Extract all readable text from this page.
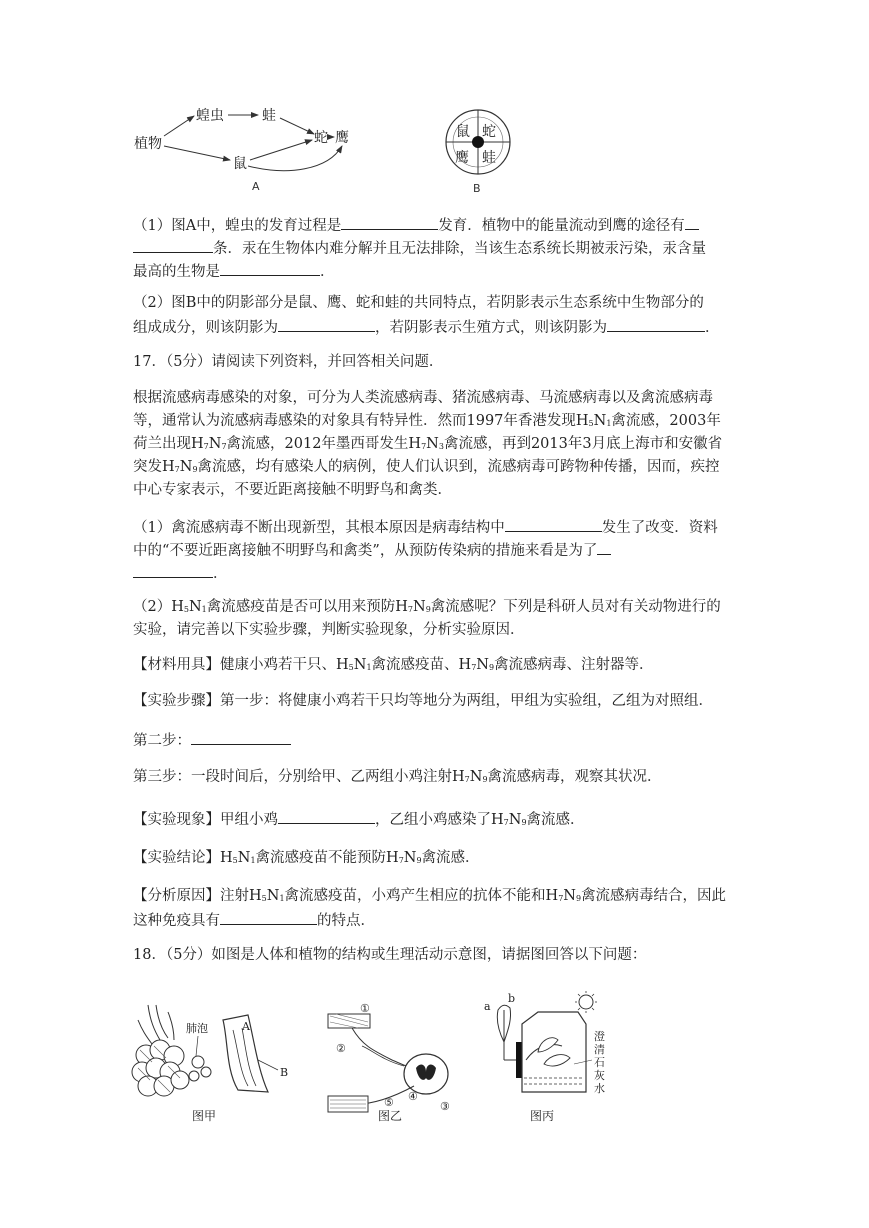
植物
蝗虫	蛙
鼠
蛇 鹰
A
鼠 蛇
鹰 蛙
B
（1）图A中，蝗虫的发育过程是	发育．植物中的能量流动到鹰的途径有
条．汞在生物体内难分解并且无法排除，当该生态系统长期被汞污染，汞含量
最高的生物是	．
（2）图B中的阴影部分是鼠、鹰、蛇和蛙的共同特点，若阴影表示生态系统中生物部分的
组成成分，则该阴影为	，若阴影表示生殖方式，则该阴影为	．
17．（5分）请阅读下列资料，并回答相关问题．
根据流感病毒感染的对象，可分为人类流感病毒、猪流感病毒、马流感病毒以及禽流感病毒
等，通常认为流感病毒感染的对象具有特异性．然而1997年香港发现H5N1禽流感，2003年
荷兰出现H7N7禽流感，2012年墨西哥发生H7N3禽流感，再到2013年3月底上海市和安徽省
突发H7N9禽流感，均有感染人的病例，使人们认识到，流感病毒可跨物种传播，因而，疾控
中心专家表示，不要近距离接触不明野鸟和禽类．
（1）禽流感病毒不断出现新型，其根本原因是病毒结构中	发生了改变．资料
中的“不要近距离接触不明野鸟和禽类”，从预防传染病的措施来看是为了
．
（2）H5N1禽流感疫苗是否可以用来预防H7N9禽流感呢？下列是科研人员对有关动物进行的
实验，请完善以下实验步骤，判断实验现象，分析实验原因．
【材料用具】健康小鸡若干只、H5N1禽流感疫苗、H7N9禽流感病毒、注射器等．
【实验步骤】第一步：将健康小鸡若干只均等地分为两组，甲组为实验组，乙组为对照组．
第二步：
第三步：一段时间后，分别给甲、乙两组小鸡注射H7N9禽流感病毒，观察其状况．
【实验现象】甲组小鸡	，乙组小鸡感染了H7N9禽流感．
【实验结论】H5N1禽流感疫苗不能预防H7N9禽流感．
【分析原因】注射H5N1禽流感疫苗，小鸡产生相应的抗体不能和H7N9禽流感病毒结合，因此
这种免疫具有	的特点．
18．（5分）如图是人体和植物的结构或生理活动示意图，请据图回答以下问题：
肺泡	A
B
图甲
①
②
⑤ ④
③
图乙
a
b
澄
清
石
灰
水
图丙
